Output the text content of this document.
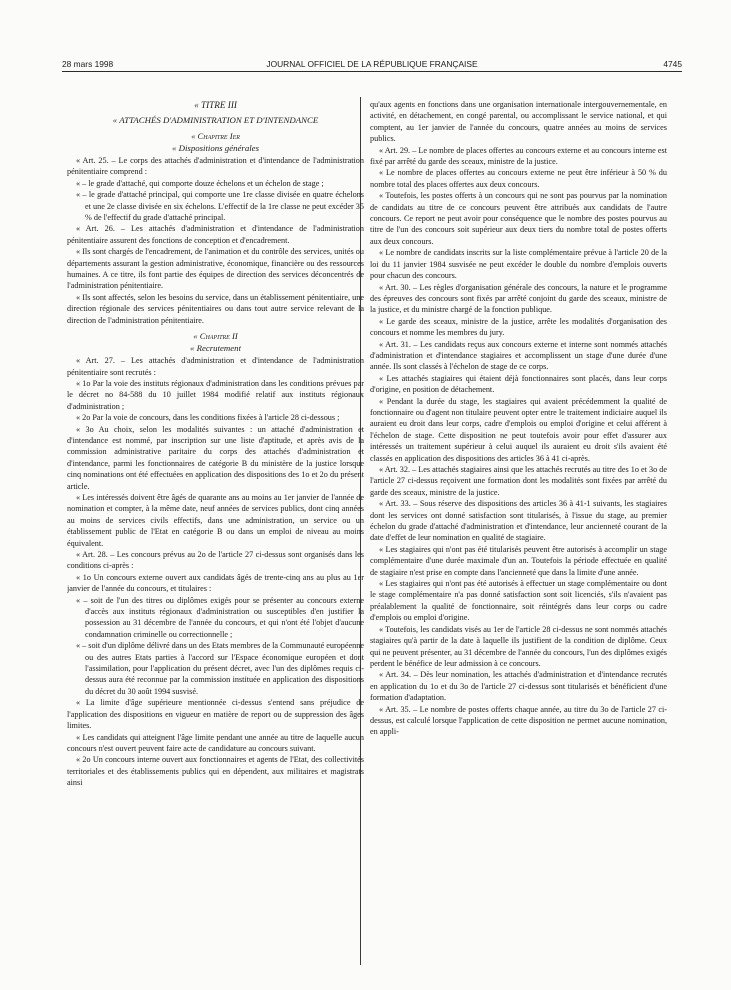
28 mars 1998	JOURNAL OFFICIEL DE LA RÉPUBLIQUE FRANÇAISE	4745
« TITRE III
« ATTACHÉS D'ADMINISTRATION ET D'INTENDANCE
« Chapitre Ier
« Dispositions générales

« Art. 25. – Le corps des attachés d'administration et d'intendance de l'administration pénitentiaire comprend :

« – le grade d'attaché, qui comporte douze échelons et un échelon de stage ;

« – le grade d'attaché principal, qui comporte une 1re classe divisée en quatre échelons et une 2e classe divisée en six échelons. L'effectif de la 1re classe ne peut excéder 35 % de l'effectif du grade d'attaché principal.

« Art. 26. – Les attachés d'administration et d'intendance de l'administration pénitentiaire assurent des fonctions de conception et d'encadrement.

« Ils sont chargés de l'encadrement, de l'animation et du contrôle des services, unités ou départements assurant la gestion administrative, économique, financière ou des ressources humaines. A ce titre, ils font partie des équipes de direction des services déconcentrés de l'administration pénitentiaire.

« Ils sont affectés, selon les besoins du service, dans un établissement pénitentiaire, une direction régionale des services pénitentiaires ou dans tout autre service relevant de la direction de l'administration pénitentiaire.

« Chapitre II
« Recrutement

« Art. 27. – Les attachés d'administration et d'intendance de l'administration pénitentiaire sont recrutés :

« 1o Par la voie des instituts régionaux d'administration dans les conditions prévues par le décret no 84-588 du 10 juillet 1984 modifié relatif aux instituts régionaux d'administration ;

« 2o Par la voie de concours, dans les conditions fixées à l'article 28 ci-dessous ;

« 3o Au choix, selon les modalités suivantes : un attaché d'administration et d'intendance est nommé, par inscription sur une liste d'aptitude, et après avis de la commission administrative paritaire du corps des attachés d'administration et d'intendance, parmi les fonctionnaires de catégorie B du ministère de la justice lorsque cinq nominations ont été effectuées en application des dispositions des 1o et 2o du présent article.

« Les intéressés doivent être âgés de quarante ans au moins au 1er janvier de l'année de nomination et compter, à la même date, neuf années de services publics, dont cinq années au moins de services civils effectifs, dans une administration, un service ou un établissement public de l'Etat en catégorie B ou dans un emploi de niveau au moins équivalent.

« Art. 28. – Les concours prévus au 2o de l'article 27 ci-dessus sont organisés dans les conditions ci-après :

« 1o Un concours externe ouvert aux candidats âgés de trente-cinq ans au plus au 1er janvier de l'année du concours, et titulaires :

« – soit de l'un des titres ou diplômes exigés pour se présenter au concours externe d'accès aux instituts régionaux d'administration ou susceptibles d'en justifier la possession au 31 décembre de l'année du concours, et qui n'ont été l'objet d'aucune condamnation criminelle ou correctionnelle ;

« – soit d'un diplôme délivré dans un des Etats membres de la Communauté européenne ou des autres Etats parties à l'accord sur l'Espace économique européen et dont l'assimilation, pour l'application du présent décret, avec l'un des diplômes requis ci-dessus aura été reconnue par la commission instituée en application des dispositions du décret du 30 août 1994 susvisé.

« La limite d'âge supérieure mentionnée ci-dessus s'entend sans préjudice de l'application des dispositions en vigueur en matière de report ou de suppression des âges limites.

« Les candidats qui atteignent l'âge limite pendant une année au titre de laquelle aucun concours n'est ouvert peuvent faire acte de candidature au concours suivant.

« 2o Un concours interne ouvert aux fonctionnaires et agents de l'Etat, des collectivités territoriales et des établissements publics qui en dépendent, aux militaires et magistrats ainsi

qu'aux agents en fonctions dans une organisation internationale intergouvernementale, en activité, en détachement, en congé parental, ou accomplissant le service national, et qui comptent, au 1er janvier de l'année du concours, quatre années au moins de services publics.

« Art. 29. – Le nombre de places offertes au concours externe et au concours interne est fixé par arrêté du garde des sceaux, ministre de la justice.

« Le nombre de places offertes au concours externe ne peut être inférieur à 50 % du nombre total des places offertes aux deux concours.

« Toutefois, les postes offerts à un concours qui ne sont pas pourvus par la nomination de candidats au titre de ce concours peuvent être attribués aux candidats de l'autre concours. Ce report ne peut avoir pour conséquence que le nombre des postes pourvus au titre de l'un des concours soit supérieur aux deux tiers du nombre total de postes offerts aux deux concours.

« Le nombre de candidats inscrits sur la liste complémentaire prévue à l'article 20 de la loi du 11 janvier 1984 susvisée ne peut excéder le double du nombre d'emplois ouverts pour chacun des concours.

« Art. 30. – Les règles d'organisation générale des concours, la nature et le programme des épreuves des concours sont fixés par arrêté conjoint du garde des sceaux, ministre de la justice, et du ministre chargé de la fonction publique.

« Le garde des sceaux, ministre de la justice, arrête les modalités d'organisation des concours et nomme les membres du jury.

« Art. 31. – Les candidats reçus aux concours externe et interne sont nommés attachés d'administration et d'intendance stagiaires et accomplissent un stage d'une durée d'une année. Ils sont classés à l'échelon de stage de ce corps.

« Les attachés stagiaires qui étaient déjà fonctionnaires sont placés, dans leur corps d'origine, en position de détachement.

« Pendant la durée du stage, les stagiaires qui avaient précédemment la qualité de fonctionnaire ou d'agent non titulaire peuvent opter entre le traitement indiciaire auquel ils auraient eu droit dans leur corps, cadre d'emplois ou emploi d'origine et celui afférent à l'échelon de stage. Cette disposition ne peut toutefois avoir pour effet d'assurer aux intéressés un traitement supérieur à celui auquel ils auraient eu droit s'ils avaient été classés en application des dispositions des articles 36 à 41 ci-après.

« Art. 32. – Les attachés stagiaires ainsi que les attachés recrutés au titre des 1o et 3o de l'article 27 ci-dessus reçoivent une formation dont les modalités sont fixées par arrêté du garde des sceaux, ministre de la justice.

« Art. 33. – Sous réserve des dispositions des articles 36 à 41-1 suivants, les stagiaires dont les services ont donné satisfaction sont titularisés, à l'issue du stage, au premier échelon du grade d'attaché d'administration et d'intendance, leur ancienneté courant de la date d'effet de leur nomination en qualité de stagiaire.

« Les stagiaires qui n'ont pas été titularisés peuvent être autorisés à accomplir un stage complémentaire d'une durée maximale d'un an. Toutefois la période effectuée en qualité de stagiaire n'est prise en compte dans l'ancienneté que dans la limite d'une année.

« Les stagiaires qui n'ont pas été autorisés à effectuer un stage complémentaire ou dont le stage complémentaire n'a pas donné satisfaction sont soit licenciés, s'ils n'avaient pas préalablement la qualité de fonctionnaire, soit réintégrés dans leur corps ou cadre d'emplois ou emploi d'origine.

« Toutefois, les candidats visés au 1er de l'article 28 ci-dessus ne sont nommés attachés stagiaires qu'à partir de la date à laquelle ils justifient de la condition de diplôme. Ceux qui ne peuvent présenter, au 31 décembre de l'année du concours, l'un des diplômes exigés perdent le bénéfice de leur admission à ce concours.

« Art. 34. – Dès leur nomination, les attachés d'administration et d'intendance recrutés en application du 1o et du 3o de l'article 27 ci-dessus sont titularisés et bénéficient d'une formation d'adaptation.

« Art. 35. – Le nombre de postes offerts chaque année, au titre du 3o de l'article 27 ci-dessus, est calculé lorsque l'application de cette disposition ne permet aucune nomination, en appli-
